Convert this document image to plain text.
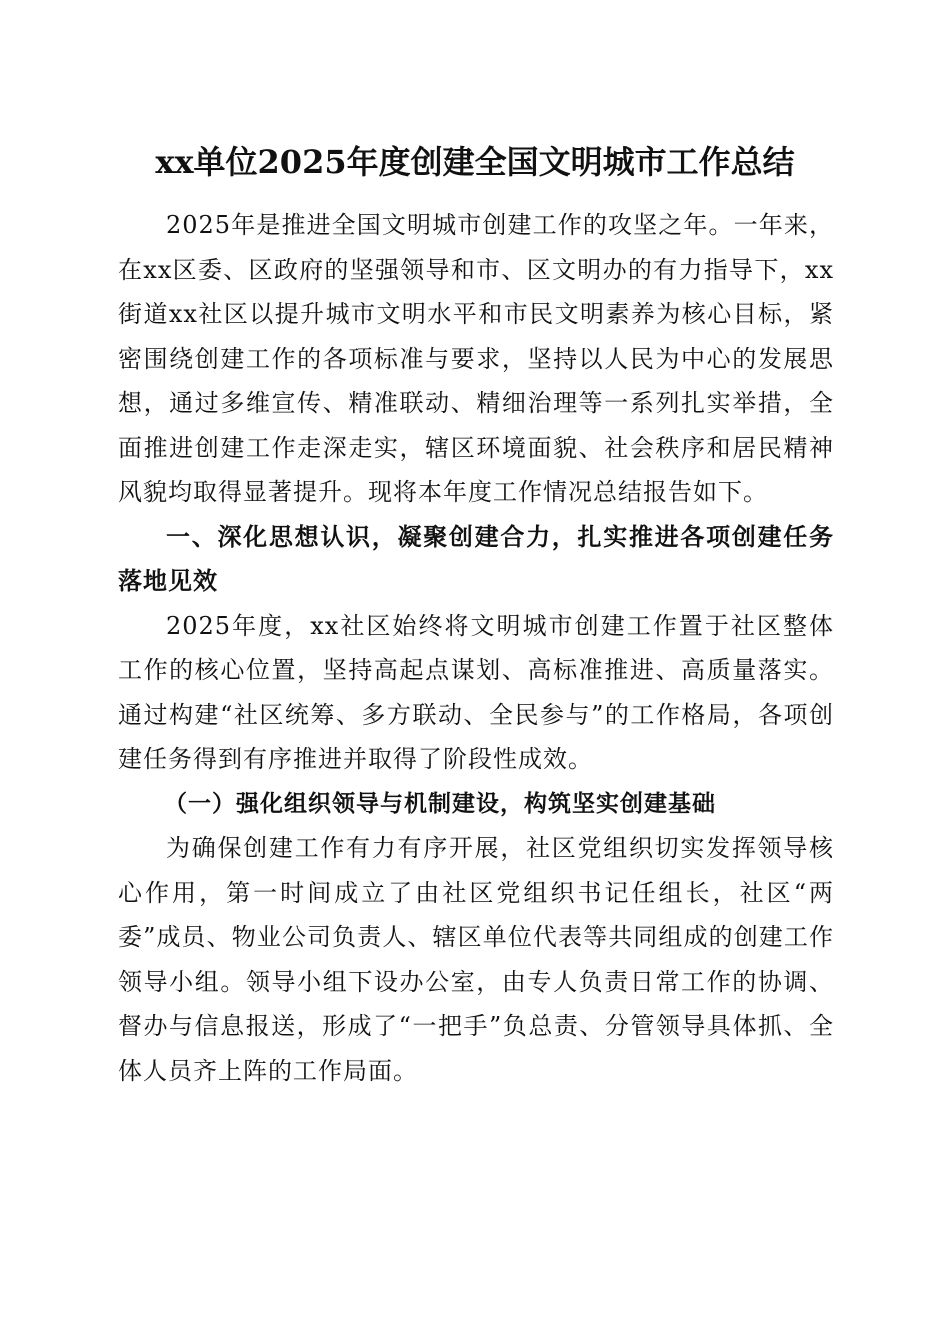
xx单位2025年度创建全国文明城市工作总结

2025年是推进全国文明城市创建工作的攻坚之年。一年来，在xx区委、区政府的坚强领导和市、区文明办的有力指导下，xx街道xx社区以提升城市文明水平和市民文明素养为核心目标，紧密围绕创建工作的各项标准与要求，坚持以人民为中心的发展思想，通过多维宣传、精准联动、精细治理等一系列扎实举措，全面推进创建工作走深走实，辖区环境面貌、社会秩序和居民精神风貌均取得显著提升。现将本年度工作情况总结报告如下。

一、深化思想认识，凝聚创建合力，扎实推进各项创建任务落地见效

2025年度，xx社区始终将文明城市创建工作置于社区整体工作的核心位置，坚持高起点谋划、高标准推进、高质量落实。通过构建“社区统筹、多方联动、全民参与”的工作格局，各项创建任务得到有序推进并取得了阶段性成效。

（一）强化组织领导与机制建设，构筑坚实创建基础

为确保创建工作有力有序开展，社区党组织切实发挥领导核心作用，第一时间成立了由社区党组织书记任组长，社区“两委”成员、物业公司负责人、辖区单位代表等共同组成的创建工作领导小组。领导小组下设办公室，由专人负责日常工作的协调、督办与信息报送，形成了“一把手”负总责、分管领导具体抓、全体人员齐上阵的工作局面。
